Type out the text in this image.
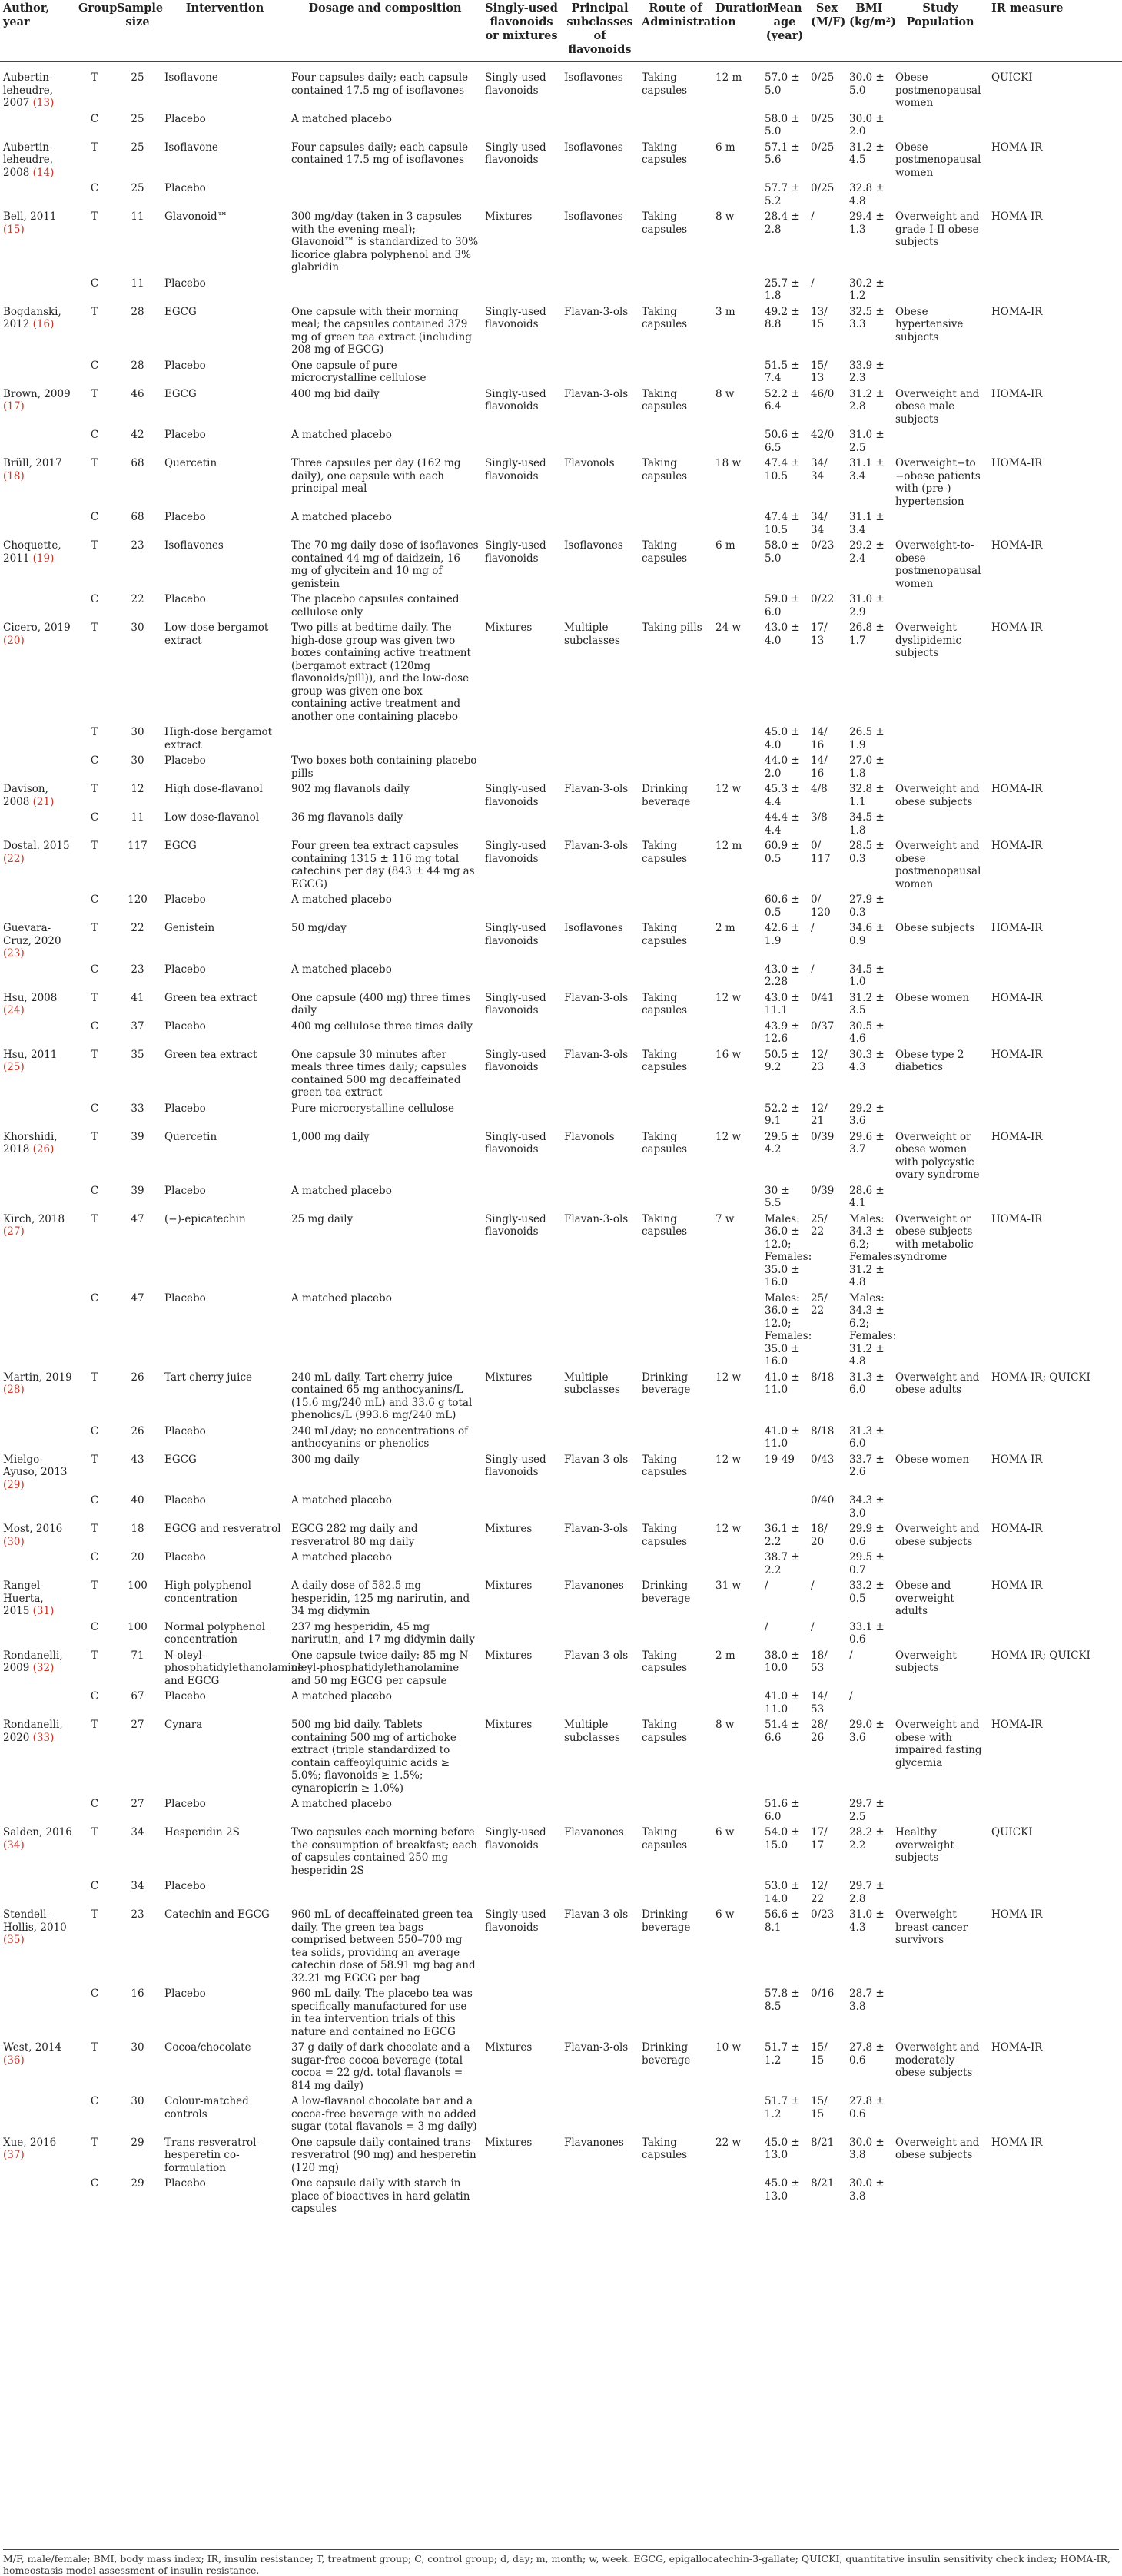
Author, year	Group	Sample size	Intervention	Dosage and composition	Singly-used flavonoids or mixtures	Principal subclasses of flavonoids	Route of Administration	Duration	Mean age (year)	Sex (M/F)	BMI (kg/m²)	Study Population	IR measure
Aubertin-leheudre, 2007 (13)	T	25	Isoflavone	Four capsules daily; each capsule contained 17.5 mg of isoflavones	Singly-used flavonoids	Isoflavones	Taking capsules	12 m	57.0 ± 5.0	0/25	30.0 ± 5.0	Obese postmenopausal women	QUICKI
	C	25	Placebo	A matched placebo					58.0 ± 5.0	0/25	30.0 ± 2.0		
Aubertin-leheudre, 2008 (14)	T	25	Isoflavone	Four capsules daily; each capsule contained 17.5 mg of isoflavones	Singly-used flavonoids	Isoflavones	Taking capsules	6 m	57.1 ± 5.6	0/25	31.2 ± 4.5	Obese postmenopausal women	HOMA-IR
	C	25	Placebo						57.7 ± 5.2	0/25	32.8 ± 4.8		
Bell, 2011 (15)	T	11	Glavonoid™	300 mg/day (taken in 3 capsules with the evening meal); Glavonoid™ is standardized to 30% licorice glabra polyphenol and 3% glabridin	Mixtures	Isoflavones	Taking capsules	8 w	28.4 ± 2.8	/	29.4 ± 1.3	Overweight and grade I-II obese subjects	HOMA-IR
	C	11	Placebo						25.7 ± 1.8	/	30.2 ± 1.2		
Bogdanski, 2012 (16)	T	28	EGCG	One capsule with their morning meal; the capsules contained 379 mg of green tea extract (including 208 mg of EGCG)	Singly-used flavonoids	Flavan-3-ols	Taking capsules	3 m	49.2 ± 8.8	13/ 15	32.5 ± 3.3	Obese hypertensive subjects	HOMA-IR
	C	28	Placebo	One capsule of pure microcrystalline cellulose					51.5 ± 7.4	15/ 13	33.9 ± 2.3		
Brown, 2009 (17)	T	46	EGCG	400 mg bid daily	Singly-used flavonoids	Flavan-3-ols	Taking capsules	8 w	52.2 ± 6.4	46/0	31.2 ± 2.8	Overweight and obese male subjects	HOMA-IR
	C	42	Placebo	A matched placebo					50.6 ± 6.5	42/0	31.0 ± 2.5		
Brüll, 2017 (18)	T	68	Quercetin	Three capsules per day (162 mg daily), one capsule with each principal meal	Singly-used flavonoids	Flavonols	Taking capsules	18 w	47.4 ± 10.5	34/ 34	31.1 ± 3.4	Overweight−to −obese patients with (pre-) hypertension	HOMA-IR
	C	68	Placebo	A matched placebo					47.4 ± 10.5	34/ 34	31.1 ± 3.4		
Choquette, 2011 (19)	T	23	Isoflavones	The 70 mg daily dose of isoflavones contained 44 mg of daidzein, 16 mg of glycitein and 10 mg of genistein	Singly-used flavonoids	Isoflavones	Taking capsules	6 m	58.0 ± 5.0	0/23	29.2 ± 2.4	Overweight-to-obese postmenopausal women	HOMA-IR
	C	22	Placebo	The placebo capsules contained cellulose only					59.0 ± 6.0	0/22	31.0 ± 2.9		
Cicero, 2019 (20)	T	30	Low-dose bergamot extract	Two pills at bedtime daily. The high-dose group was given two boxes containing active treatment (bergamot extract (120mg flavonoids/pill)), and the low-dose group was given one box containing active treatment and another one containing placebo	Mixtures	Multiple subclasses	Taking pills	24 w	43.0 ± 4.0	17/ 13	26.8 ± 1.7	Overweight dyslipidemic subjects	HOMA-IR
	T	30	High-dose bergamot extract						45.0 ± 4.0	14/ 16	26.5 ± 1.9		
	C	30	Placebo	Two boxes both containing placebo pills					44.0 ± 2.0	14/ 16	27.0 ± 1.8		
Davison, 2008 (21)	T	12	High dose-flavanol	902 mg flavanols daily	Singly-used flavonoids	Flavan-3-ols	Drinking beverage	12 w	45.3 ± 4.4	4/8	32.8 ± 1.1	Overweight and obese subjects	HOMA-IR
	C	11	Low dose-flavanol	36 mg flavanols daily					44.4 ± 4.4	3/8	34.5 ± 1.8		
Dostal, 2015 (22)	T	117	EGCG	Four green tea extract capsules containing 1315 ± 116 mg total catechins per day (843 ± 44 mg as EGCG)	Singly-used flavonoids	Flavan-3-ols	Taking capsules	12 m	60.9 ± 0.5	0/ 117	28.5 ± 0.3	Overweight and obese postmenopausal women	HOMA-IR
	C	120	Placebo	A matched placebo					60.6 ± 0.5	0/ 120	27.9 ± 0.3		
Guevara-Cruz, 2020 (23)	T	22	Genistein	50 mg/day	Singly-used flavonoids	Isoflavones	Taking capsules	2 m	42.6 ± 1.9	/	34.6 ± 0.9	Obese subjects	HOMA-IR
	C	23	Placebo	A matched placebo					43.0 ± 2.28	/	34.5 ± 1.0		
Hsu, 2008 (24)	T	41	Green tea extract	One capsule (400 mg) three times daily	Singly-used flavonoids	Flavan-3-ols	Taking capsules	12 w	43.0 ± 11.1	0/41	31.2 ± 3.5	Obese women	HOMA-IR
	C	37	Placebo	400 mg cellulose three times daily					43.9 ± 12.6	0/37	30.5 ± 4.6		
Hsu, 2011 (25)	T	35	Green tea extract	One capsule 30 minutes after meals three times daily; capsules contained 500 mg decaffeinated green tea extract	Singly-used flavonoids	Flavan-3-ols	Taking capsules	16 w	50.5 ± 9.2	12/ 23	30.3 ± 4.3	Obese type 2 diabetics	HOMA-IR
	C	33	Placebo	Pure microcrystalline cellulose					52.2 ± 9.1	12/ 21	29.2 ± 3.6		
Khorshidi, 2018 (26)	T	39	Quercetin	1,000 mg daily	Singly-used flavonoids	Flavonols	Taking capsules	12 w	29.5 ± 4.2	0/39	29.6 ± 3.7	Overweight or obese women with polycystic ovary syndrome	HOMA-IR
	C	39	Placebo	A matched placebo					30 ± 5.5	0/39	28.6 ± 4.1		
Kirch, 2018 (27)	T	47	(−)-epicatechin	25 mg daily	Singly-used flavonoids	Flavan-3-ols	Taking capsules	7 w	Males: 36.0 ± 12.0; Females: 35.0 ± 16.0	25/ 22	Males: 34.3 ± 6.2; Females: 31.2 ± 4.8	Overweight or obese subjects with metabolic syndrome	HOMA-IR
	C	47	Placebo	A matched placebo					Males: 36.0 ± 12.0; Females: 35.0 ± 16.0	25/ 22	Males: 34.3 ± 6.2; Females: 31.2 ± 4.8		
Martin, 2019 (28)	T	26	Tart cherry juice	240 mL daily. Tart cherry juice contained 65 mg anthocyanins/L (15.6 mg/240 mL) and 33.6 g total phenolics/L (993.6 mg/240 mL)	Mixtures	Multiple subclasses	Drinking beverage	12 w	41.0 ± 11.0	8/18	31.3 ± 6.0	Overweight and obese adults	HOMA-IR; QUICKI
	C	26	Placebo	240 mL/day; no concentrations of anthocyanins or phenolics					41.0 ± 11.0	8/18	31.3 ± 6.0		
Mielgo-Ayuso, 2013 (29)	T	43	EGCG	300 mg daily	Singly-used flavonoids	Flavan-3-ols	Taking capsules	12 w	19-49	0/43	33.7 ± 2.6	Obese women	HOMA-IR
	C	40	Placebo	A matched placebo						0/40	34.3 ± 3.0		
Most, 2016 (30)	T	18	EGCG and resveratrol	EGCG 282 mg daily and resveratrol 80 mg daily	Mixtures	Flavan-3-ols	Taking capsules	12 w	36.1 ± 2.2	18/ 20	29.9 ± 0.6	Overweight and obese subjects	HOMA-IR
	C	20	Placebo	A matched placebo					38.7 ± 2.2		29.5 ± 0.7		
Rangel-Huerta, 2015 (31)	T	100	High polyphenol concentration	A daily dose of 582.5 mg hesperidin, 125 mg narirutin, and 34 mg didymin	Mixtures	Flavanones	Drinking beverage	31 w	/	/	33.2 ± 0.5	Obese and overweight adults	HOMA-IR
	C	100	Normal polyphenol concentration	237 mg hesperidin, 45 mg narirutin, and 17 mg didymin daily					/	/	33.1 ± 0.6		
Rondanelli, 2009 (32)	T	71	N-oleyl-phosphatidylethanolamine and EGCG	One capsule twice daily; 85 mg N-oleyl-phosphatidylethanolamine and 50 mg EGCG per capsule	Mixtures	Flavan-3-ols	Taking capsules	2 m	38.0 ± 10.0	18/ 53	/	Overweight subjects	HOMA-IR; QUICKI
	C	67	Placebo	A matched placebo					41.0 ± 11.0	14/ 53	/		
Rondanelli, 2020 (33)	T	27	Cynara	500 mg bid daily. Tablets containing 500 mg of artichoke extract (triple standardized to contain caffeoylquinic acids ≥ 5.0%; flavonoids ≥ 1.5%; cynaropicrin ≥ 1.0%)	Mixtures	Multiple subclasses	Taking capsules	8 w	51.4 ± 6.6	28/ 26	29.0 ± 3.6	Overweight and obese with impaired fasting glycemia	HOMA-IR
	C	27	Placebo	A matched placebo					51.6 ± 6.0		29.7 ± 2.5		
Salden, 2016 (34)	T	34	Hesperidin 2S	Two capsules each morning before the consumption of breakfast; each of capsules contained 250 mg hesperidin 2S	Singly-used flavonoids	Flavanones	Taking capsules	6 w	54.0 ± 15.0	17/ 17	28.2 ± 2.2	Healthy overweight subjects	QUICKI
	C	34	Placebo						53.0 ± 14.0	12/ 22	29.7 ± 2.8		
Stendell-Hollis, 2010 (35)	T	23	Catechin and EGCG	960 mL of decaffeinated green tea daily. The green tea bags comprised between 550–700 mg tea solids, providing an average catechin dose of 58.91 mg bag and 32.21 mg EGCG per bag	Singly-used flavonoids	Flavan-3-ols	Drinking beverage	6 w	56.6 ± 8.1	0/23	31.0 ± 4.3	Overweight breast cancer survivors	HOMA-IR
	C	16	Placebo	960 mL daily. The placebo tea was specifically manufactured for use in tea intervention trials of this nature and contained no EGCG					57.8 ± 8.5	0/16	28.7 ± 3.8		
West, 2014 (36)	T	30	Cocoa/chocolate	37 g daily of dark chocolate and a sugar-free cocoa beverage (total cocoa = 22 g/d. total flavanols = 814 mg daily)	Mixtures	Flavan-3-ols	Drinking beverage	10 w	51.7 ± 1.2	15/ 15	27.8 ± 0.6	Overweight and moderately obese subjects	HOMA-IR
	C	30	Colour-matched controls	A low-flavanol chocolate bar and a cocoa-free beverage with no added sugar (total flavanols = 3 mg daily)					51.7 ± 1.2	15/ 15	27.8 ± 0.6		
Xue, 2016 (37)	T	29	Trans-resveratrol-hesperetin co-formulation	One capsule daily contained trans-resveratrol (90 mg) and hesperetin (120 mg)	Mixtures	Flavanones	Taking capsules	22 w	45.0 ± 13.0	8/21	30.0 ± 3.8	Overweight and obese subjects	HOMA-IR
	C	29	Placebo	One capsule daily with starch in place of bioactives in hard gelatin capsules					45.0 ± 13.0	8/21	30.0 ± 3.8		
M/F, male/female; BMI, body mass index; IR, insulin resistance; T, treatment group; C, control group; d, day; m, month; w, week. EGCG, epigallocatechin-3-gallate; QUICKI, quantitative insulin sensitivity check index; HOMA-IR, homeostasis model assessment of insulin resistance.
